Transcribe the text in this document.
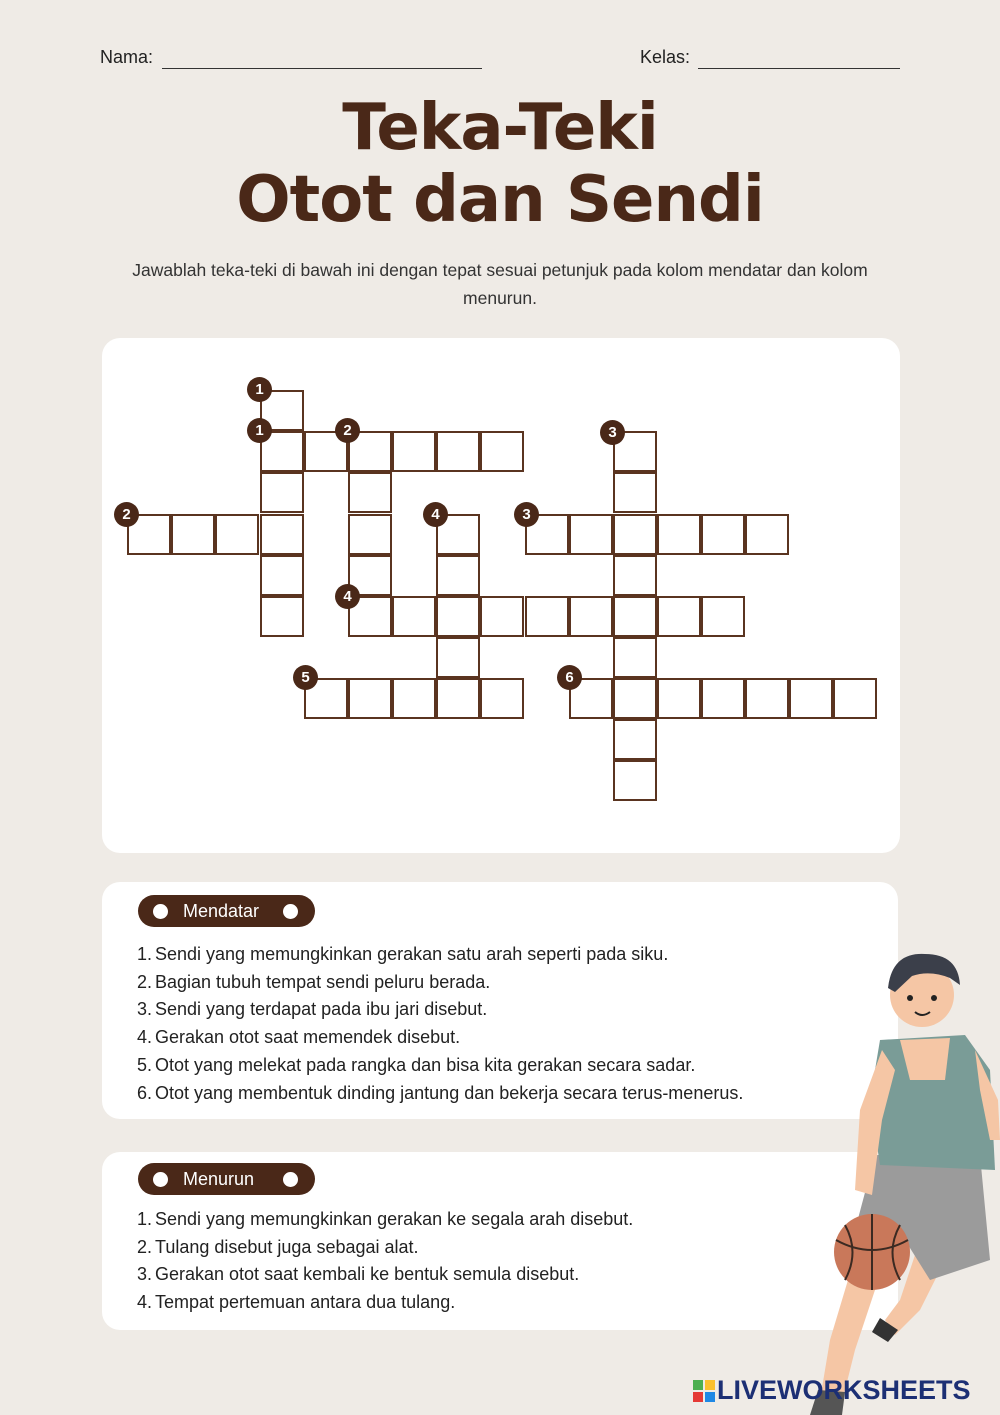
Nama:	Kelas:
Teka-Teki
Otot dan Sendi
Jawablah teka-teki di bawah ini dengan tepat sesuai petunjuk pada kolom mendatar dan kolom menurun.
1
1	2	3
2	4	3
4
5	6
Mendatar
1. Sendi yang memungkinkan gerakan satu arah seperti pada siku.
2. Bagian tubuh tempat sendi peluru berada.
3. Sendi yang terdapat pada ibu jari disebut.
4. Gerakan otot saat memendek disebut.
5. Otot yang melekat pada rangka dan bisa kita gerakan secara sadar.
6. Otot yang membentuk dinding jantung dan bekerja secara terus-menerus.
Menurun
1. Sendi yang memungkinkan gerakan ke segala arah disebut.
2. Tulang disebut juga sebagai alat.
3. Gerakan otot saat kembali ke bentuk semula disebut.
4. Tempat pertemuan antara dua tulang.
LIVEWORKSHEETS
